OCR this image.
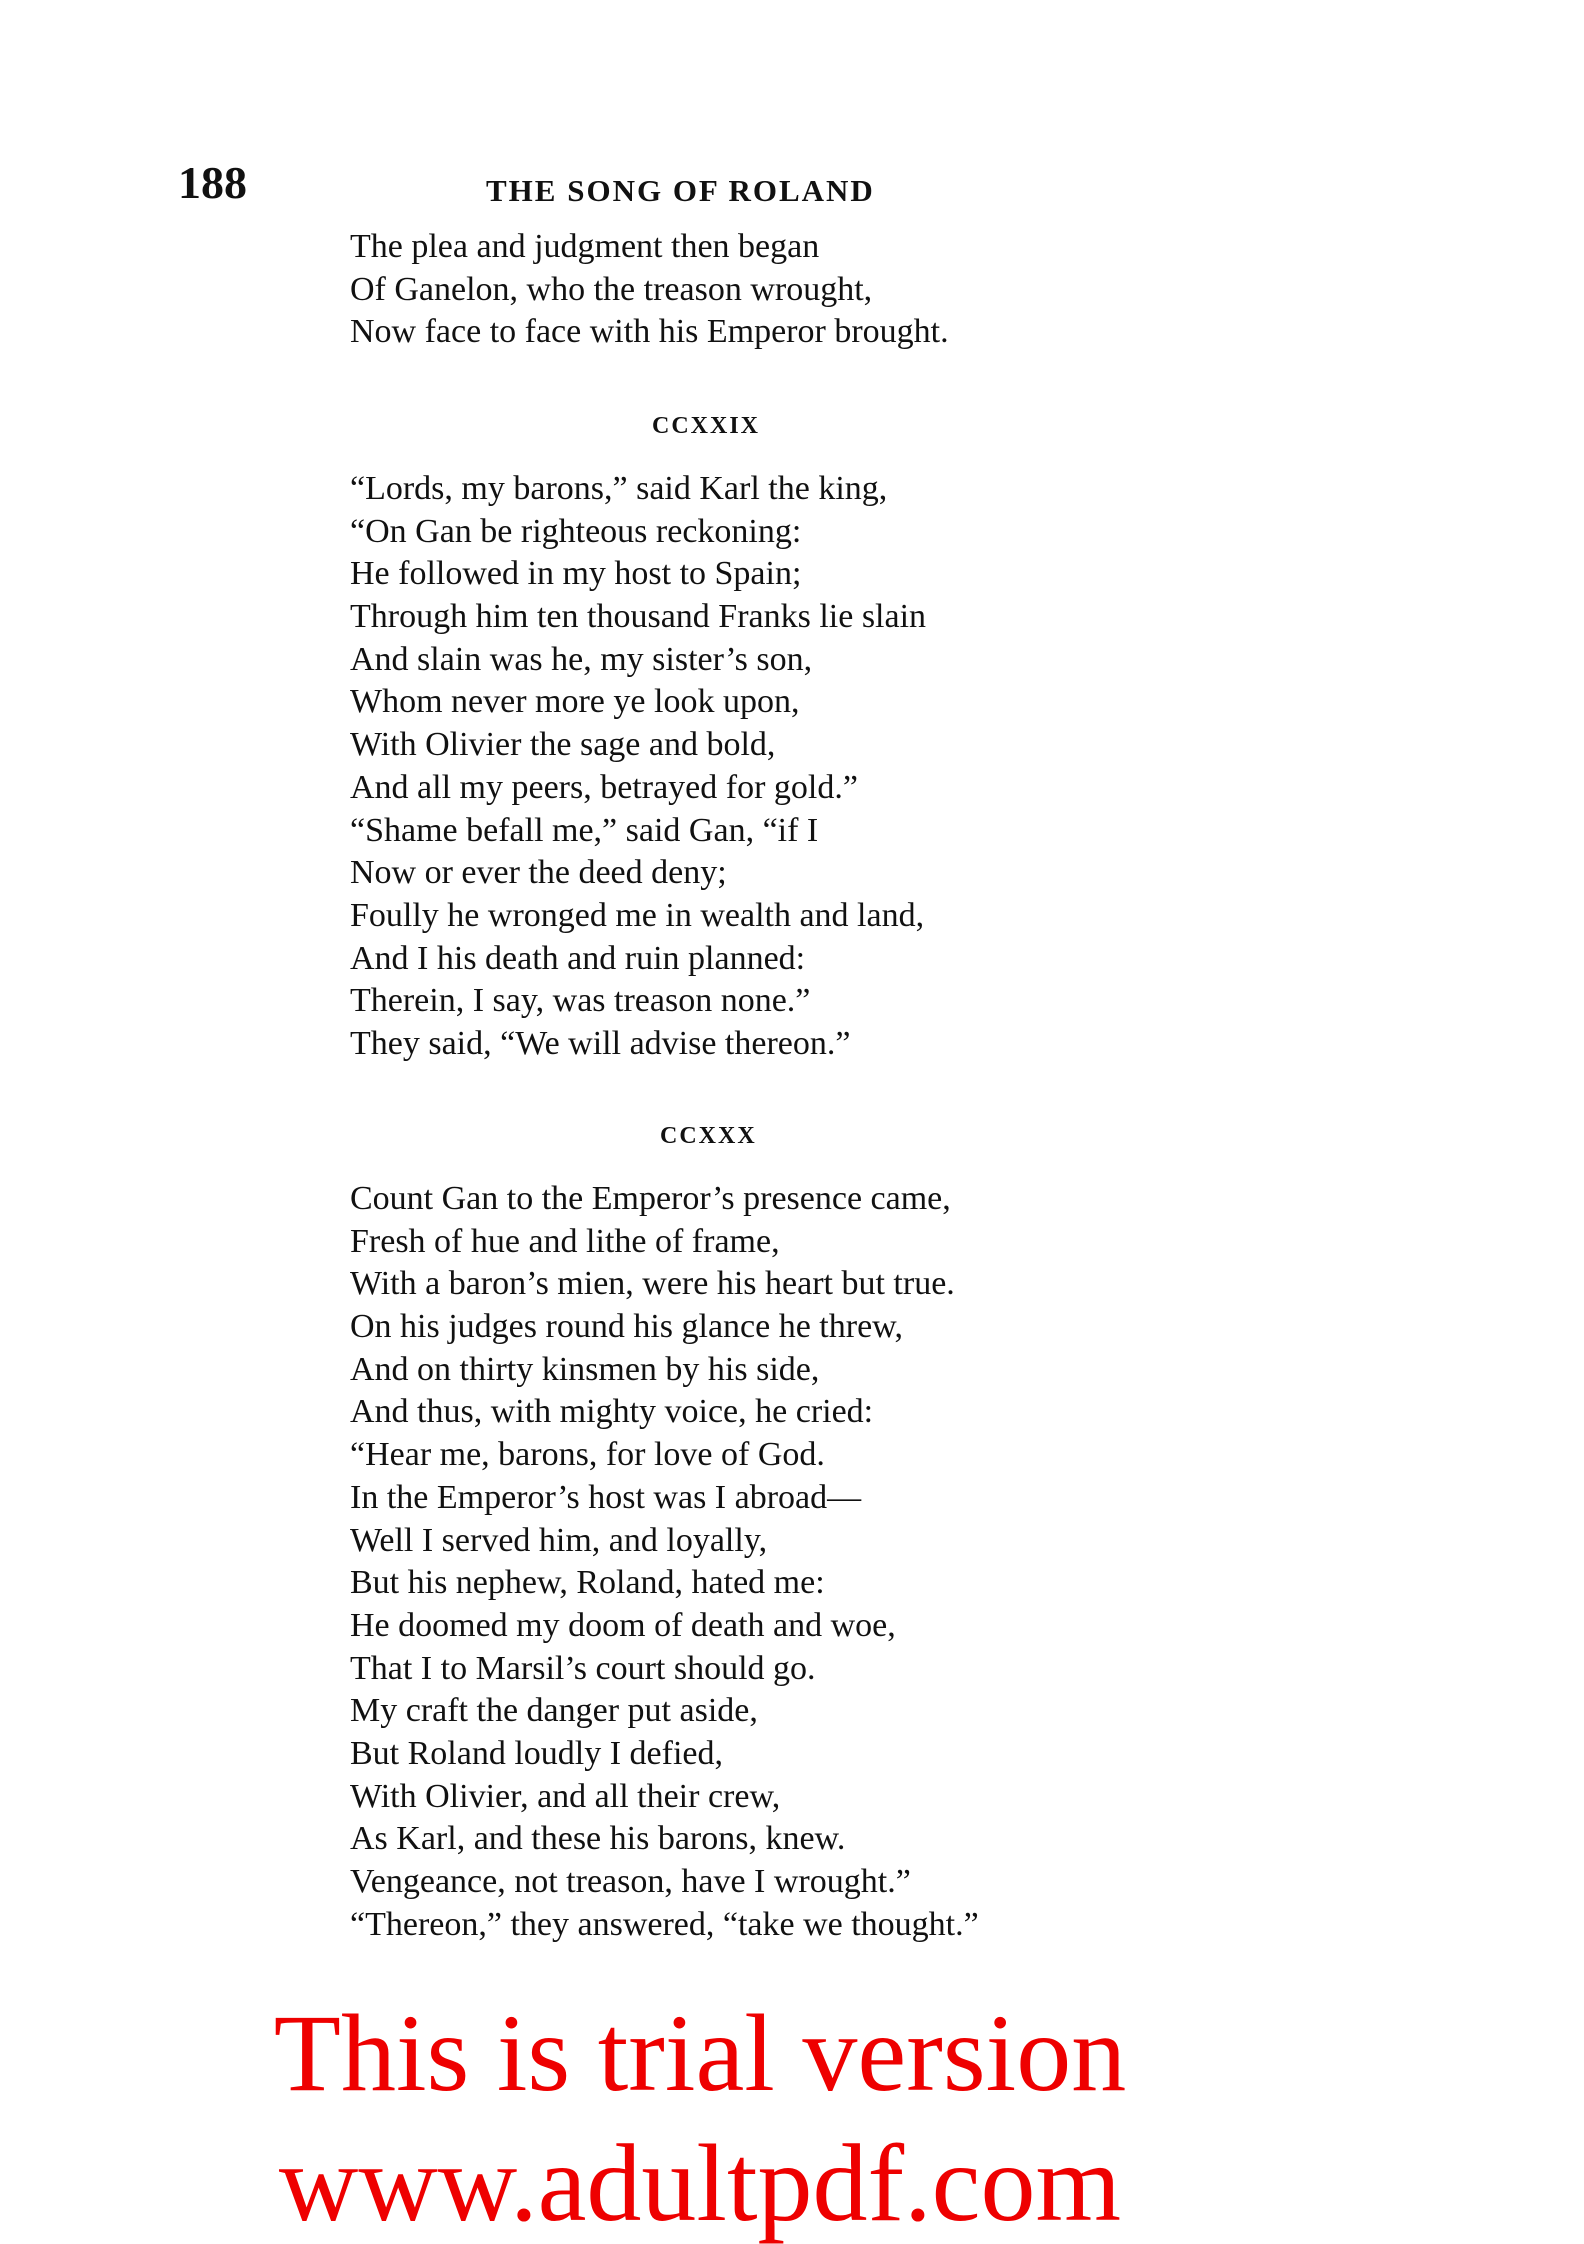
188	THE SONG OF ROLAND
The plea and judgment then began
Of Ganelon, who the treason wrought,
Now face to face with his Emperor brought.
CCXXIX
“Lords, my barons,” said Karl the king,
“On Gan be righteous reckoning:
He followed in my host to Spain;
Through him ten thousand Franks lie slain
And slain was he, my sister’s son,
Whom never more ye look upon,
With Olivier the sage and bold,
And all my peers, betrayed for gold.”
“Shame befall me,” said Gan, “if I
Now or ever the deed deny;
Foully he wronged me in wealth and land,
And I his death and ruin planned:
Therein, I say, was treason none.”
They said, “We will advise thereon.”
CCXXX
Count Gan to the Emperor’s presence came,
Fresh of hue and lithe of frame,
With a baron’s mien, were his heart but true.
On his judges round his glance he threw,
And on thirty kinsmen by his side,
And thus, with mighty voice, he cried:
“Hear me, barons, for love of God.
In the Emperor’s host was I abroad—
Well I served him, and loyally,
But his nephew, Roland, hated me:
He doomed my doom of death and woe,
That I to Marsil’s court should go.
My craft the danger put aside,
But Roland loudly I defied,
With Olivier, and all their crew,
As Karl, and these his barons, knew.
Vengeance, not treason, have I wrought.”
“Thereon,” they answered, “take we thought.”
This is trial version
www.adultpdf.com
